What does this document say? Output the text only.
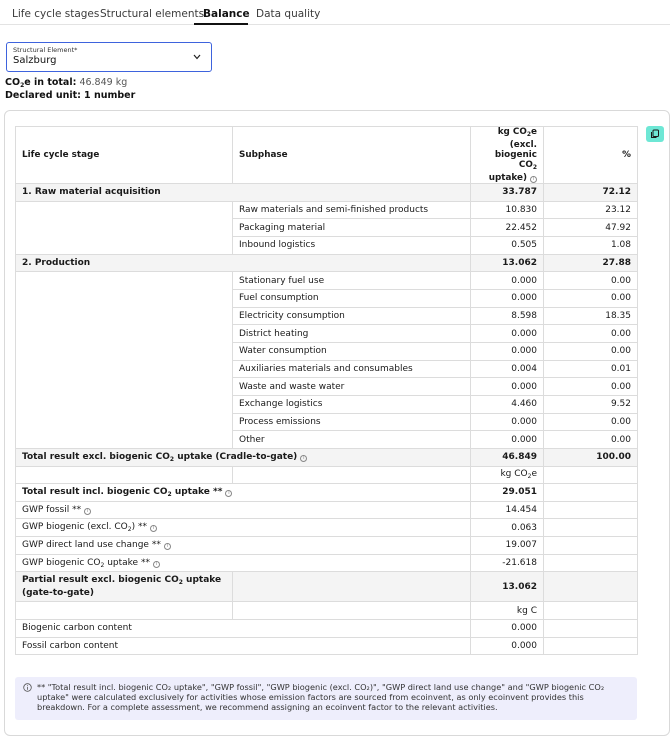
Life cycle stages Structural elements
Balance Data quality
Structural Element*
Salzburg
$CO_2e$ in total: 46.849 kg
Declared unit: 1 number
Life cycle stage	Subphase	kg $CO_2e$ (excl.
biogenic $CO_2$
uptake) i	%
1. Raw material acquisition		33.787	72.12
	Raw materials and semi-finished products	10.830	23.12
	Packaging material	22.452	47.92
	Inbound logistics	0.505	1.08
2. Production		13.062	27.88
	Stationary fuel use	0.000	0.00
	Fuel consumption	0.000	0.00
	Electricity consumption	8.598	18.35
	District heating	0.000	0.00
	Water consumption	0.000	0.00
	Auxiliaries materials and consumables	0.004	0.01
	Waste and waste water	0.000	0.00
	Exchange logistics	4.460	9.52
	Process emissions	0.000	0.00
	Other	0.000	0.00
Total result excl. biogenic $CO_2$ uptake (Cradle-to-gate) i		46.849	100.00
		kg $CO_2e$	
Total result incl. biogenic $CO_2$ uptake ** i		29.051	
GWP fossil ** i		14.454	
GWP biogenic (excl. $CO_2$) ** i		0.063	
GWP direct land use change ** i		19.007	
GWP biogenic $CO_2$ uptake ** i		-21.618	
Partial result excl. biogenic $CO_2$ uptake (gate-to-gate)		13.062	
		kg C	
Biogenic carbon content		0.000	
Fossil carbon content		0.000	
** "Total result incl. biogenic CO₂ uptake", "GWP fossil", "GWP biogenic (excl. CO₂)", "GWP direct land use change" and "GWP biogenic CO₂ uptake" were calculated exclusively for activities whose emission factors are sourced from ecoinvent, as only ecoinvent provides this breakdown. For a complete assessment, we recommend assigning an ecoinvent factor to the relevant activities.
